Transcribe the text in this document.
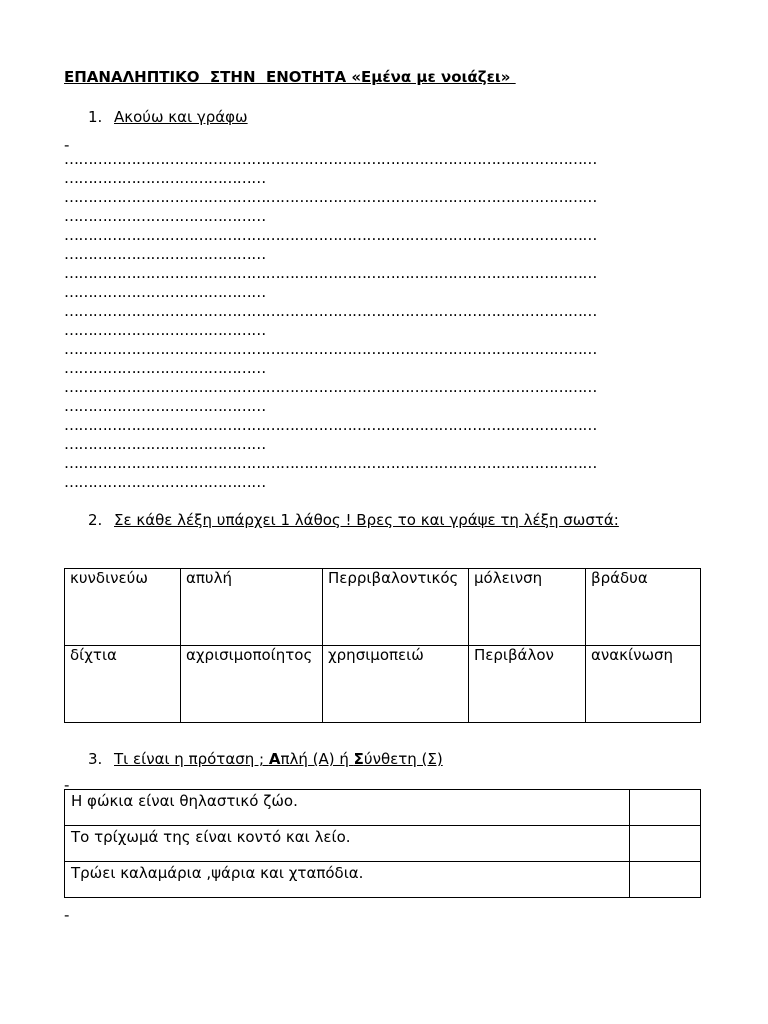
ΕΠΑΝΑΛΗΠΤΙΚΟ  ΣΤΗΝ  ΕΝΟΤΗΤΑ «Εμένα με νοιάζει»
1. Ακούω και γράφω
-
…………………………………………………………………………………………………
……………………………………
…………………………………………………………………………………………………
……………………………………
…………………………………………………………………………………………………
……………………………………
…………………………………………………………………………………………………
……………………………………
…………………………………………………………………………………………………
……………………………………
…………………………………………………………………………………………………
……………………………………
…………………………………………………………………………………………………
……………………………………
…………………………………………………………………………………………………
……………………………………
…………………………………………………………………………………………………
……………………………………
2. Σε κάθε λέξη υπάρχει 1 λάθος ! Βρες το και γράψε τη λέξη σωστά:
κυνδινεύω	απυλή	Περριβαλοντικός	μόλεινση	βράδυα
δίχτια	αχρισιμοποίητος	χρησιμοπειώ	Περιβάλον	ανακίνωση
3. Τι είναι η πρόταση ; Απλή (Α) ή Σύνθετη (Σ)
-
Η φώκια είναι θηλαστικό ζώο.	
Το τρίχωμά της είναι κοντό και λείο.	
Τρώει καλαμάρια ,ψάρια και χταπόδια.	
-
